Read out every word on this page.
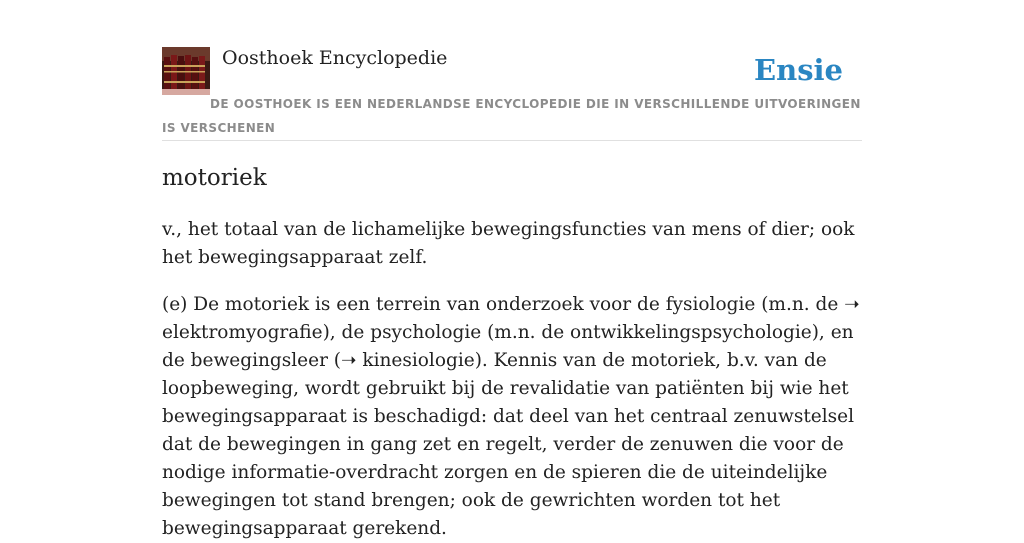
Oosthoek Encyclopedie	Ensie
DE OOSTHOEK IS EEN NEDERLANDSE ENCYCLOPEDIE DIE IN VERSCHILLENDE UITVOERINGEN IS VERSCHENEN
motoriek

v., het totaal van de lichamelijke bewegingsfuncties van mens of dier; ook het bewegingsapparaat zelf.

(e) De motoriek is een terrein van onderzoek voor de fysiologie (m.n. de ➝ elektromyografie), de psychologie (m.n. de ontwikkelingspsychologie), en de bewegingsleer (➝ kinesiologie). Kennis van de motoriek, b.v. van de loopbeweging, wordt gebruikt bij de revalidatie van patiënten bij wie het bewegingsapparaat is beschadigd: dat deel van het centraal zenuwstelsel dat de bewegingen in gang zet en regelt, verder de zenuwen die voor de nodige informatie-overdracht zorgen en de spieren die de uiteindelijke bewegingen tot stand brengen; ook de gewrichten worden tot het bewegingsapparaat gerekend.
